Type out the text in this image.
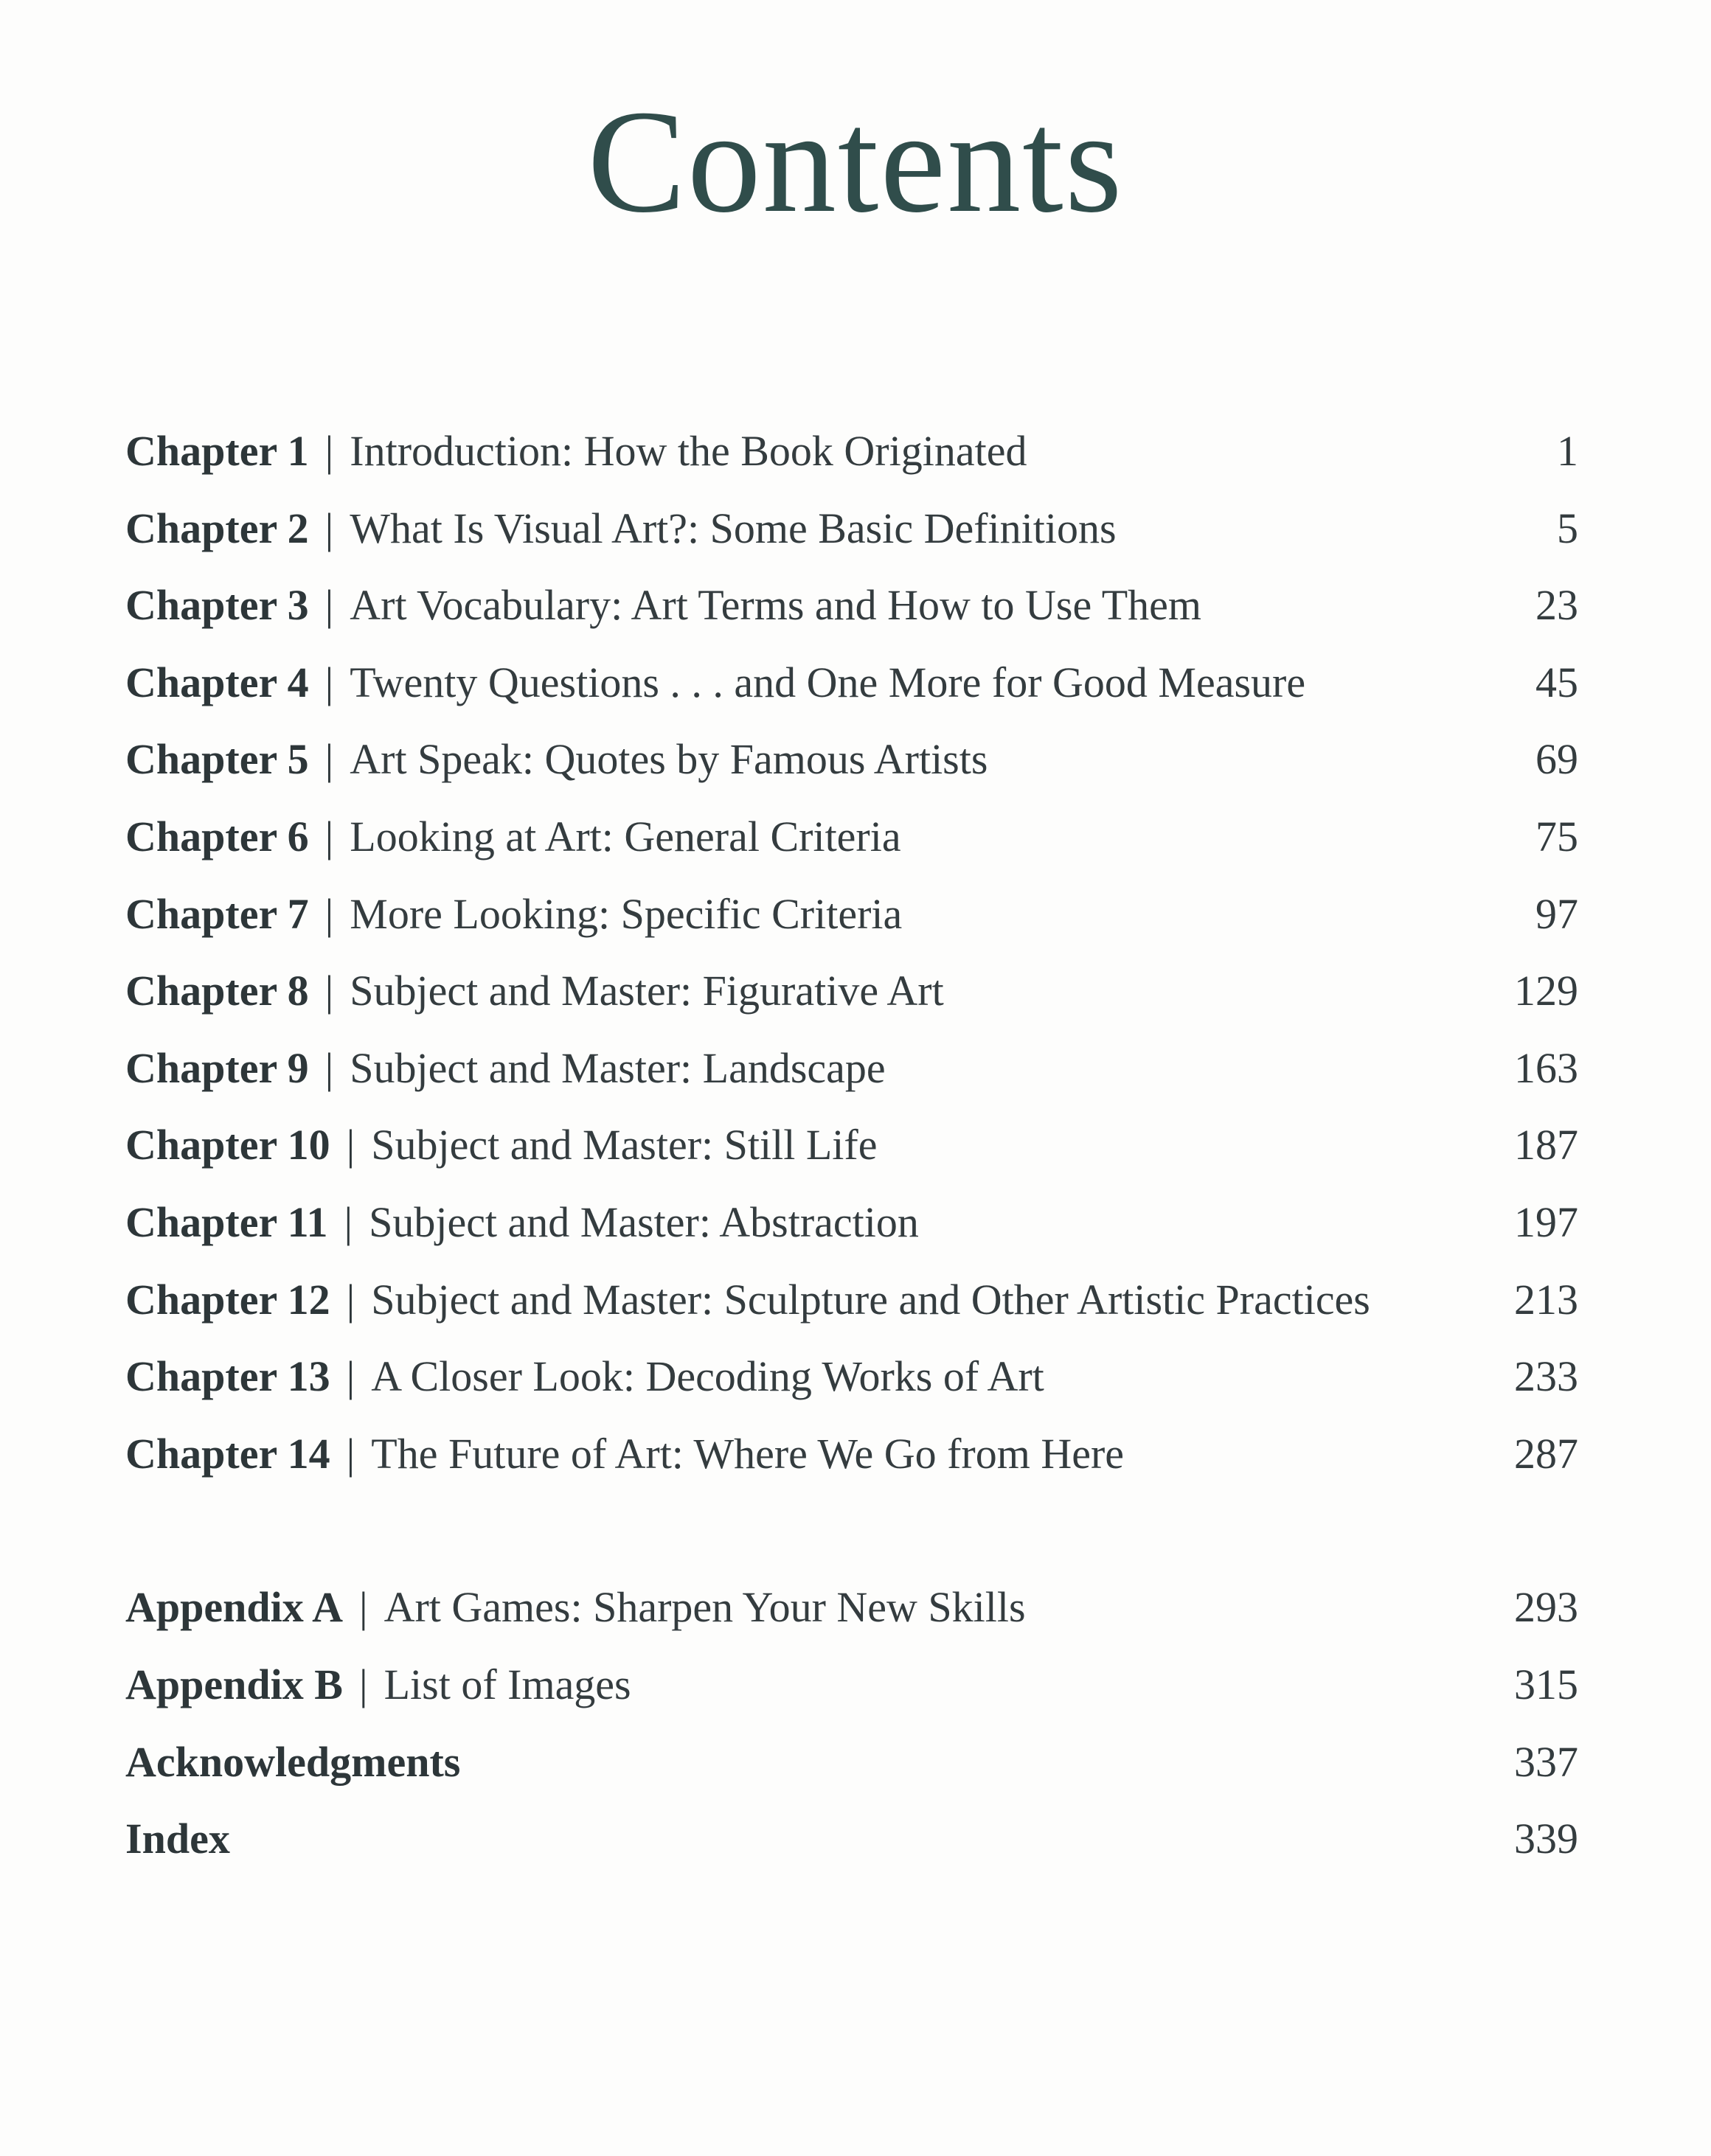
Contents
Chapter 1 | Introduction: How the Book Originated	1
Chapter 2 | What Is Visual Art?: Some Basic Definitions	5
Chapter 3 | Art Vocabulary: Art Terms and How to Use Them	23
Chapter 4 | Twenty Questions . . . and One More for Good Measure	45
Chapter 5 | Art Speak: Quotes by Famous Artists	69
Chapter 6 | Looking at Art: General Criteria	75
Chapter 7 | More Looking: Specific Criteria	97
Chapter 8 | Subject and Master: Figurative Art	129
Chapter 9 | Subject and Master: Landscape	163
Chapter 10 | Subject and Master: Still Life	187
Chapter 11 | Subject and Master: Abstraction	197
Chapter 12 | Subject and Master: Sculpture and Other Artistic Practices	213
Chapter 13 | A Closer Look: Decoding Works of Art	233
Chapter 14 | The Future of Art: Where We Go from Here	287
Appendix A | Art Games: Sharpen Your New Skills	293
Appendix B | List of Images	315
Acknowledgments	337
Index	339
